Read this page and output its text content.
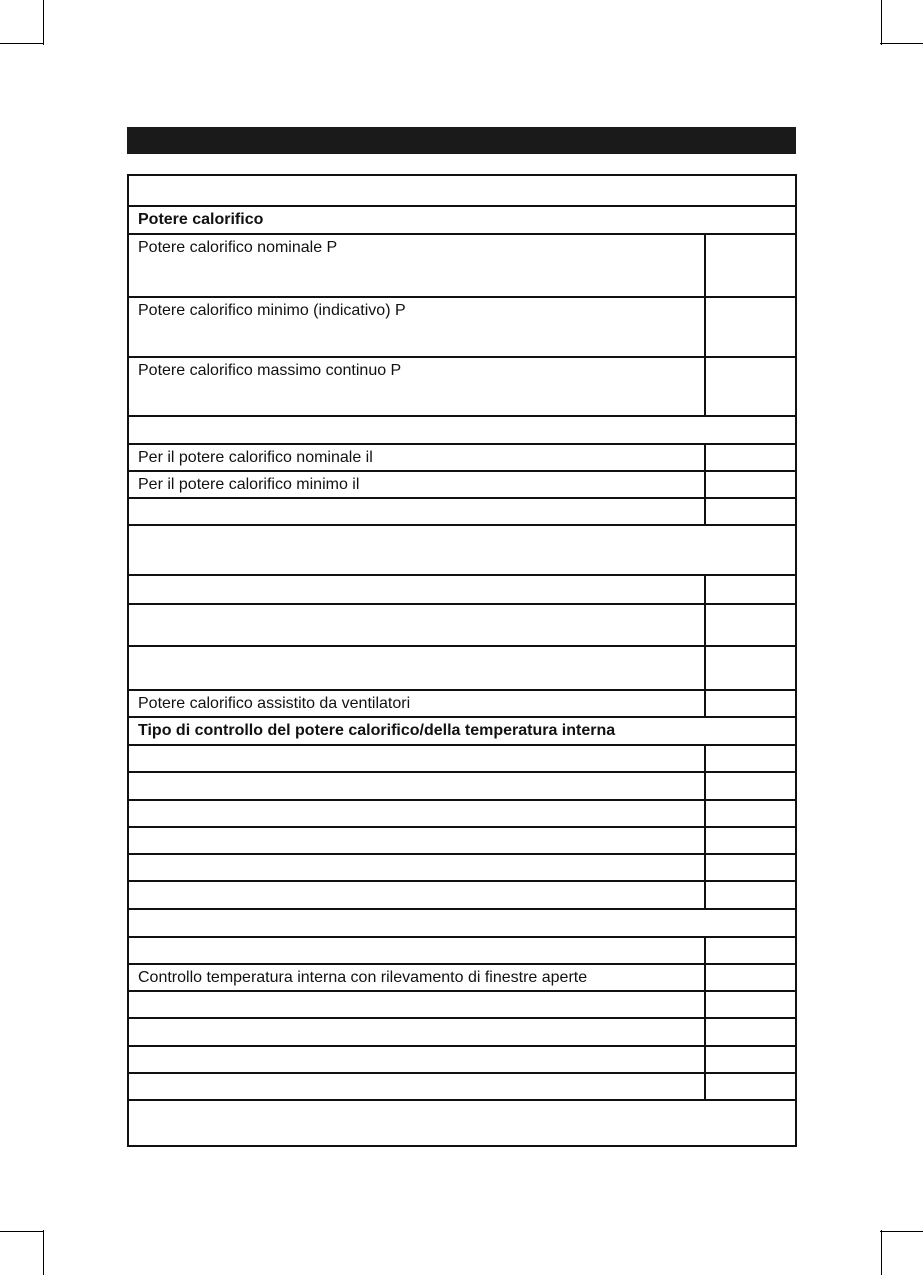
Potere calorifico	
Potere calorifico nominale P	
Potere calorifico minimo (indicativo) P	
Potere calorifico massimo continuo P	

Per il potere calorifico nominale il	
Per il potere calorifico minimo il	

Potere calorifico assistito da ventilatori	
Tipo di controllo del potere calorifico/della temperatura interna	

Controllo temperatura interna con rilevamento di finestre aperte	
